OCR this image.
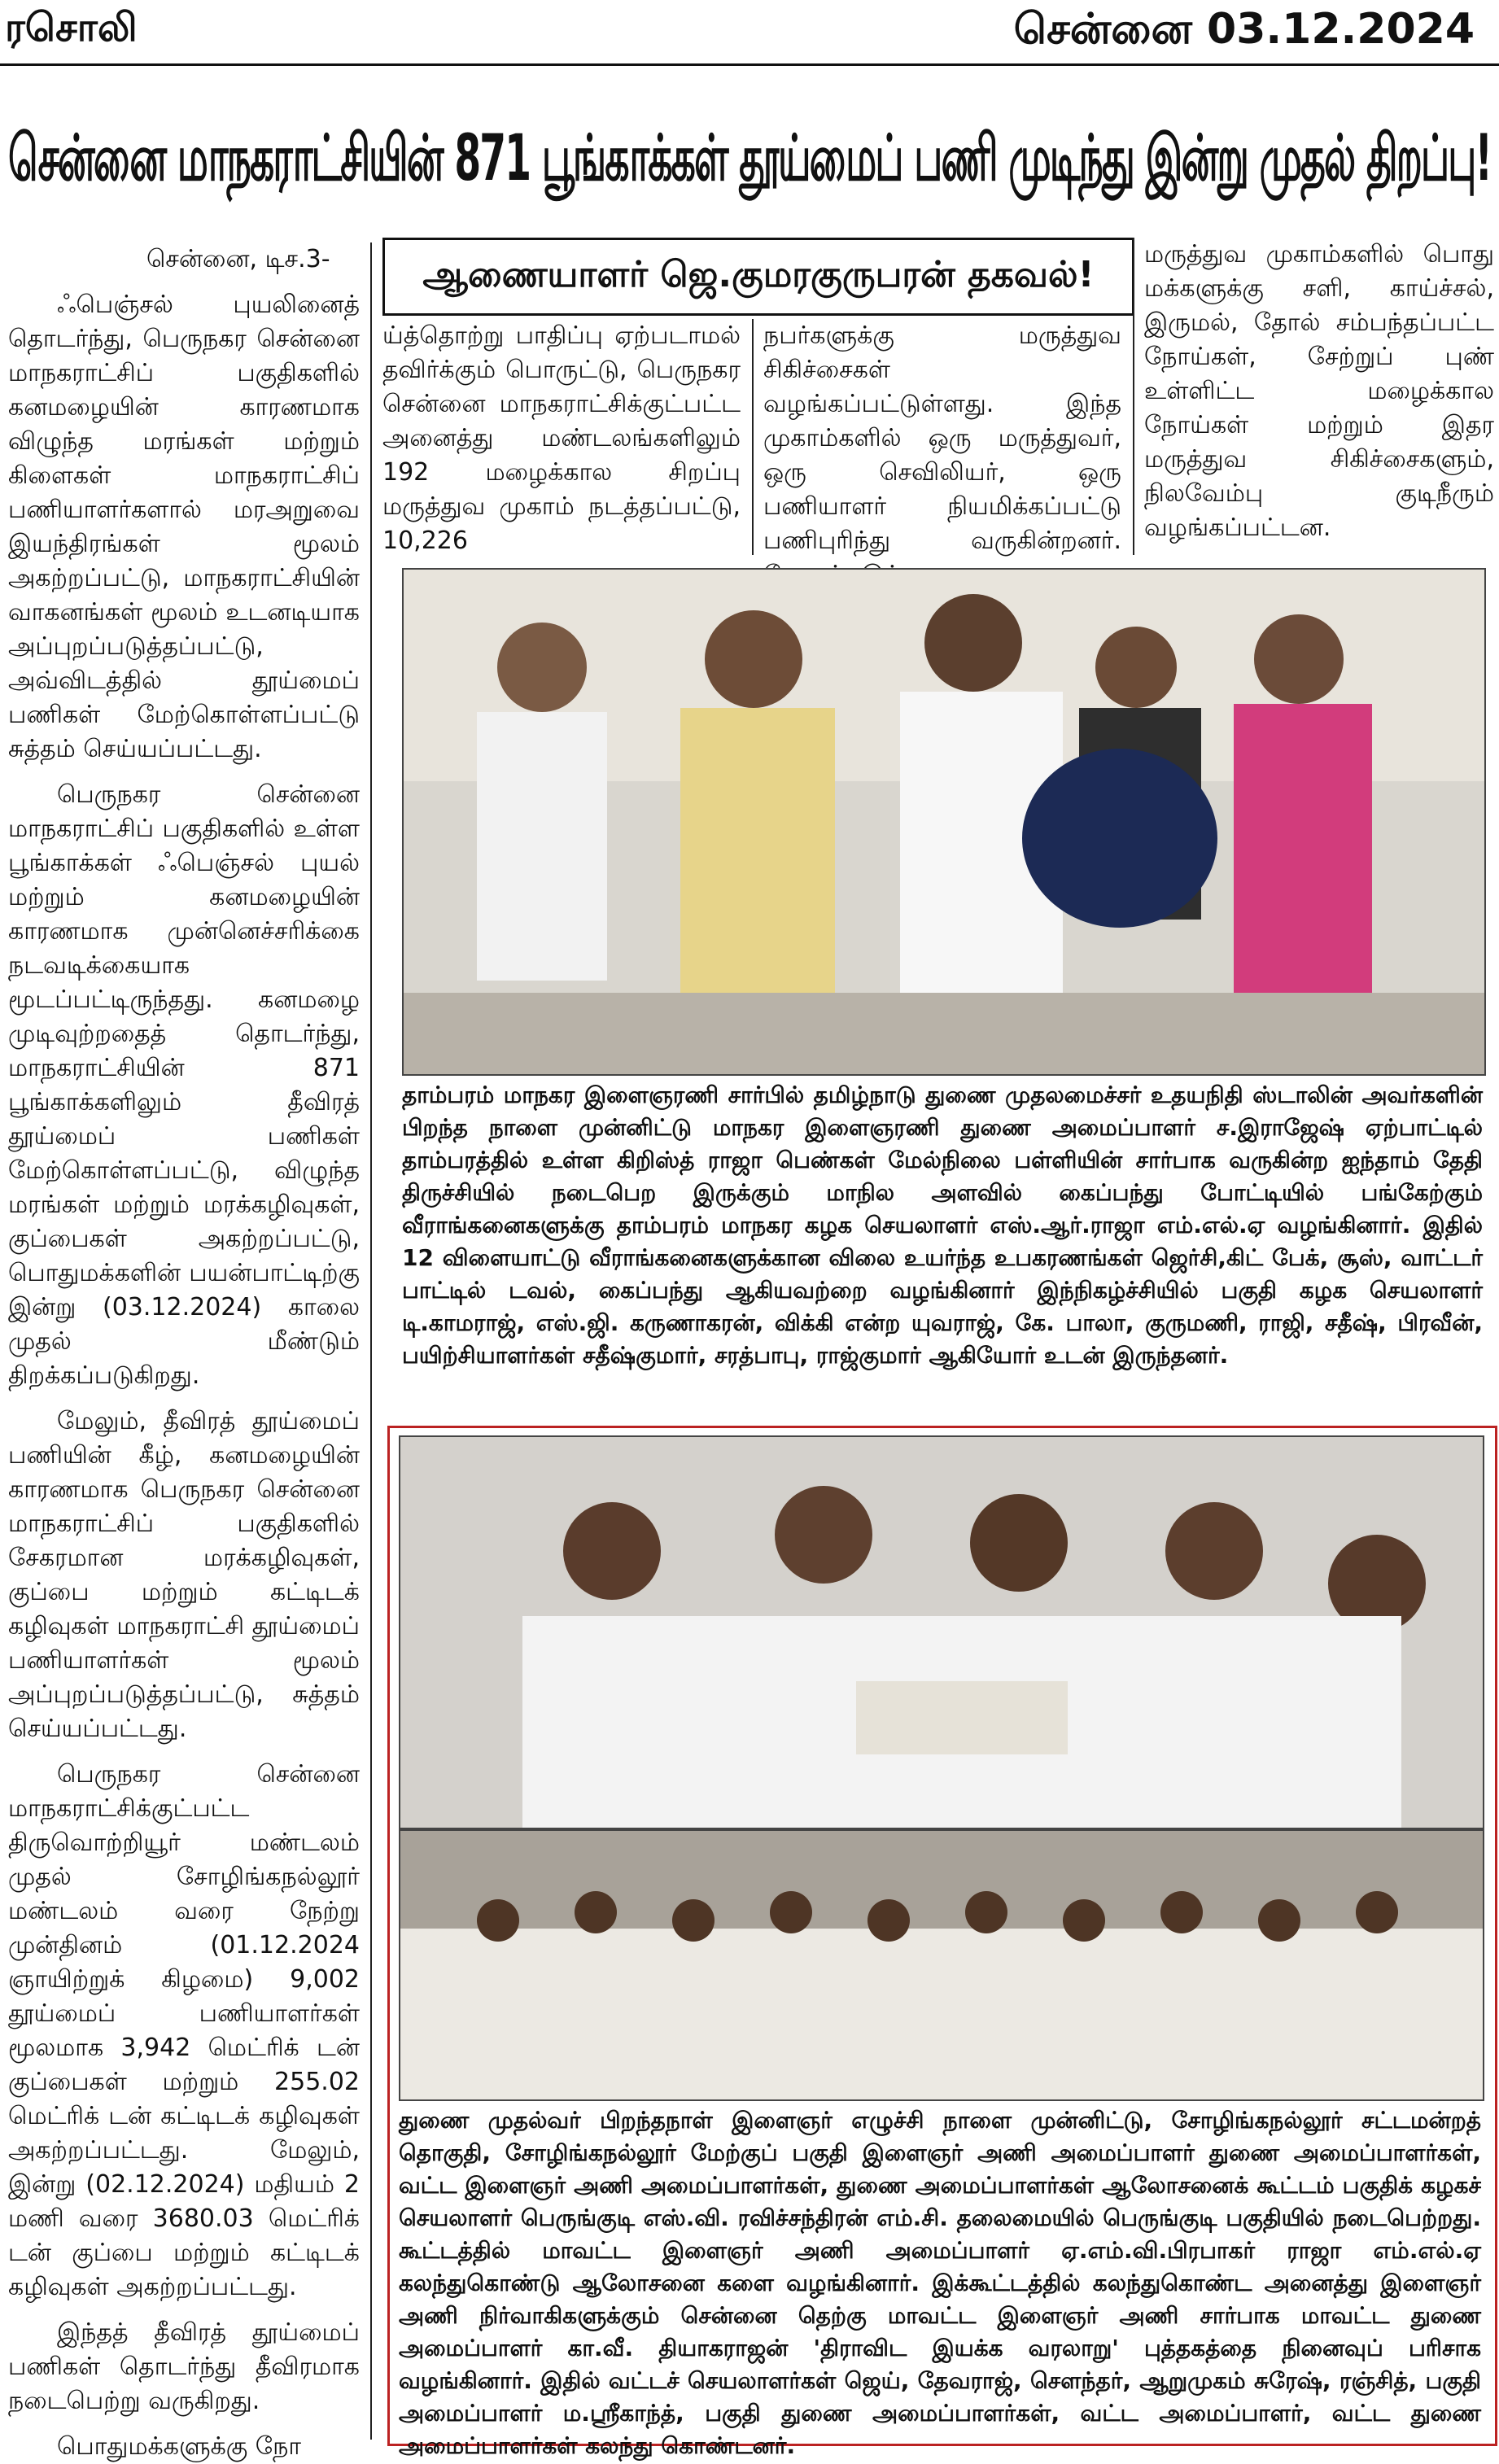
ரசொலி	சென்னை 03.12.2024
சென்னை மாநகராட்சியின் 871 பூங்காக்கள் தூய்மைப் பணி முடிந்து இன்று முதல் திறப்பு!

சென்னை, டிச.3-

ஃபெஞ்சல் புயலினைத் தொடர்ந்து, பெருநகர சென்னை மாநகராட்சிப் பகுதிகளில் கனமழையின் காரணமாக விழுந்த மரங்கள் மற்றும் கிளைகள் மாநகராட்சிப் பணியாளர்களால் மரஅறுவை இயந்திரங்கள் மூலம் அகற்றப்பட்டு, மாநகராட்சியின் வாகனங்கள் மூலம் உடனடியாக அப்புறப்படுத்தப்பட்டு, அவ்விடத்தில் தூய்மைப் பணிகள் மேற்கொள்ளப்பட்டு சுத்தம் செய்யப்பட்டது.

பெருநகர சென்னை மாநகராட்சிப் பகுதிகளில் உள்ள பூங்காக்கள் ஃபெஞ்சல் புயல் மற்றும் கனமழையின் காரணமாக முன்னெச்சரிக்கை நடவடிக்கையாக மூடப்பட்டிருந்தது. கனமழை முடிவுற்றதைத் தொடர்ந்து, மாநகராட்சியின் 871 பூங்காக்களிலும் தீவிரத் தூய்மைப் பணிகள் மேற்கொள்ளப்பட்டு, விழுந்த மரங்கள் மற்றும் மரக்கழிவுகள், குப்பைகள் அகற்றப்பட்டு, பொதுமக்களின் பயன்பாட்டிற்கு இன்று (03.12.2024) காலை முதல் மீண்டும் திறக்கப்படுகிறது.

மேலும், தீவிரத் தூய்மைப் பணியின் கீழ், கனமழையின் காரணமாக பெருநகர சென்னை மாநகராட்சிப் பகுதிகளில் சேகரமான மரக்கழிவுகள், குப்பை மற்றும் கட்டிடக் கழிவுகள் மாநகராட்சி தூய்மைப் பணியாளர்கள் மூலம் அப்புறப்படுத்தப்பட்டு, சுத்தம் செய்யப்பட்டது.

பெருநகர சென்னை மாநகராட்சிக்குட்பட்ட திருவொற்றியூர் மண்டலம் முதல் சோழிங்கநல்லூர் மண்டலம் வரை நேற்று முன்தினம் (01.12.2024 ஞாயிற்றுக் கிழமை) 9,002 தூய்மைப் பணியாளர்கள் மூலமாக 3,942 மெட்ரிக் டன் குப்பைகள் மற்றும் 255.02 மெட்ரிக் டன் கட்டிடக் கழிவுகள் அகற்றப்பட்டது. மேலும், இன்று (02.12.2024) மதியம் 2 மணி வரை 3680.03 மெட்ரிக் டன் குப்பை மற்றும் கட்டிடக் கழிவுகள் அகற்றப்பட்டது.

இந்தத் தீவிரத் தூய்மைப் பணிகள் தொடர்ந்து தீவிரமாக நடைபெற்று வருகிறது.

பொதுமக்களுக்கு நோ

ஆணையாளர் ஜெ.குமரகுருபரன் தகவல்!

ய்த்தொற்று பாதிப்பு ஏற்படாமல் தவிர்க்கும் பொருட்டு, பெருநகர சென்னை மாநகராட்சிக்குட்பட்ட அனைத்து மண்டலங்களிலும் 192 மழைக்கால சிறப்பு மருத்துவ முகாம் நடத்தப்பட்டு, 10,226

நபர்களுக்கு மருத்துவ சிகிச்சைகள் வழங்கப்பட்டுள்ளது. இந்த முகாம்களில் ஒரு மருத்துவர், ஒரு செவிலியர், ஒரு பணியாளர் நியமிக்கப்பட்டு பணிபுரிந்து வருகின்றனர்.

மருத்துவ முகாம்களில் பொது மக்களுக்கு சளி, காய்ச்சல், இருமல், தோல் சம்பந்தப்பட்ட நோய்கள், சேற்றுப் புண் உள்ளிட்ட மழைக்கால நோய்கள் மற்றும் இதர மருத்துவ சிகிச்சைகளும், நிலவேம்பு குடிநீரும் வழங்கப்பட்டன.

தாம்பரம் மாநகர இளைஞரணி சார்பில் தமிழ்நாடு துணை முதலமைச்சர் உதயநிதி ஸ்டாலின் அவர்களின் பிறந்த நாளை முன்னிட்டு மாநகர இளைஞரணி துணை அமைப்பாளர் ச.இராஜேஷ் ஏற்பாட்டில் தாம்பரத்தில் உள்ள கிறிஸ்த் ராஜா பெண்கள் மேல்நிலை பள்ளியின் சார்பாக வருகின்ற ஐந்தாம் தேதி திருச்சியில் நடைபெற இருக்கும் மாநில அளவில் கைப்பந்து போட்டியில் பங்கேற்கும் வீராங்கனைகளுக்கு தாம்பரம் மாநகர கழக செயலாளர் எஸ்.ஆர்.ராஜா எம்.எல்.ஏ வழங்கினார். இதில் 12 விளையாட்டு வீராங்கனைகளுக்கான விலை உயர்ந்த உபகரணங்கள் ஜெர்சி,கிட் பேக், சூஸ், வாட்டர் பாட்டில் டவல், கைப்பந்து ஆகியவற்றை வழங்கினார் இந்நிகழ்ச்சியில் பகுதி கழக செயலாளர் டி.காமராஜ், எஸ்.ஜி. கருணாகரன், விக்கி என்ற யுவராஜ், கே. பாலா, குருமணி, ராஜி, சதீஷ், பிரவீன், பயிற்சியாளர்கள் சதீஷ்குமார், சரத்பாபு, ராஜ்குமார் ஆகியோர் உடன் இருந்தனர்.
துணை முதல்வர் பிறந்தநாள் இளைஞர் எழுச்சி நாளை முன்னிட்டு, சோழிங்கநல்லூர் சட்டமன்றத் தொகுதி, சோழிங்கநல்லூர் மேற்குப் பகுதி இளைஞர் அணி அமைப்பாளர் துணை அமைப்பாளர்கள், வட்ட இளைஞர் அணி அமைப்பாளர்கள், துணை அமைப்பாளர்கள் ஆலோசனைக் கூட்டம் பகுதிக் கழகச் செயலாளர் பெருங்குடி எஸ்.வி. ரவிச்சந்திரன் எம்.சி. தலைமையில் பெருங்குடி பகுதியில் நடைபெற்றது. கூட்டத்தில் மாவட்ட இளைஞர் அணி அமைப்பாளர் ஏ.எம்.வி.பிரபாகர் ராஜா எம்.எல்.ஏ கலந்துகொண்டு ஆலோசனை களை வழங்கினார். இக்கூட்டத்தில் கலந்துகொண்ட அனைத்து இளைஞர் அணி நிர்வாகிகளுக்கும் சென்னை தெற்கு மாவட்ட இளைஞர் அணி சார்பாக மாவட்ட துணை அமைப்பாளர் கா.வீ. தியாகராஜன் 'திராவிட இயக்க வரலாறு' புத்தகத்தை நினைவுப் பரிசாக வழங்கினார். இதில் வட்டச் செயலாளர்கள் ஜெய், தேவராஜ், சௌந்தர், ஆறுமுகம் சுரேஷ், ரஞ்சித், பகுதி அமைப்பாளர் ம.ஸ்ரீகாந்த், பகுதி துணை அமைப்பாளர்கள், வட்ட அமைப்பாளர், வட்ட துணை அமைப்பாளர்கள் கலந்து கொண்டனர்.
